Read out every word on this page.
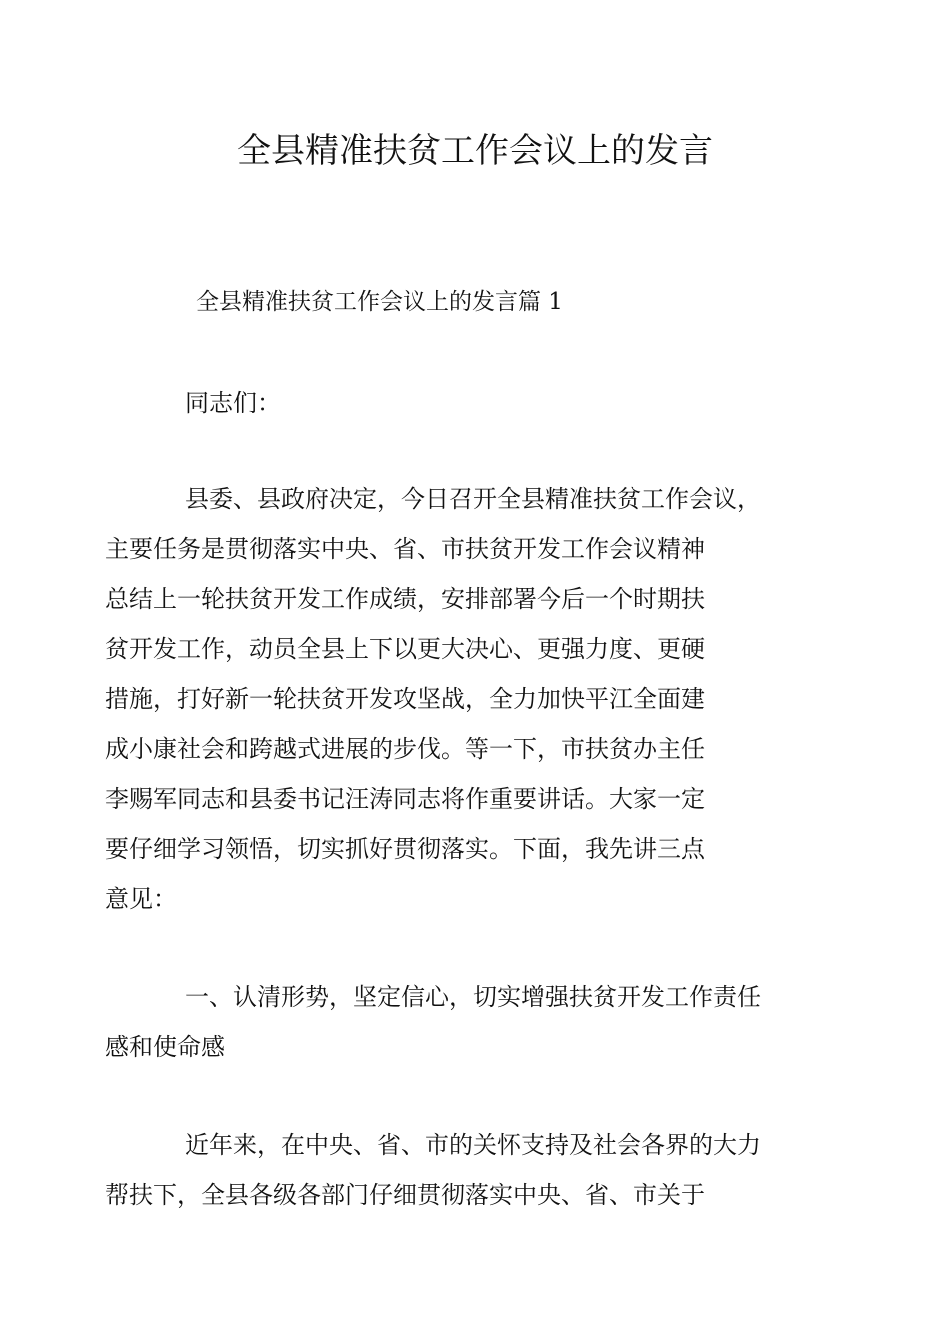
全县精准扶贫工作会议上的发言

全县精准扶贫工作会议上的发言篇 1

同志们：

县委、县政府决定，今日召开全县精准扶贫工作会议，
主要任务是贯彻落实中央、省、市扶贫开发工作会议精神
总结上一轮扶贫开发工作成绩，安排部署今后一个时期扶
贫开发工作，动员全县上下以更大决心、更强力度、更硬
措施，打好新一轮扶贫开发攻坚战，全力加快平江全面建
成小康社会和跨越式进展的步伐。等一下，市扶贫办主任
李赐军同志和县委书记汪涛同志将作重要讲话。大家一定
要仔细学习领悟，切实抓好贯彻落实。下面，我先讲三点
意见：

一、认清形势，坚定信心，切实增强扶贫开发工作责任
感和使命感

近年来，在中央、省、市的关怀支持及社会各界的大力
帮扶下，全县各级各部门仔细贯彻落实中央、省、市关于
